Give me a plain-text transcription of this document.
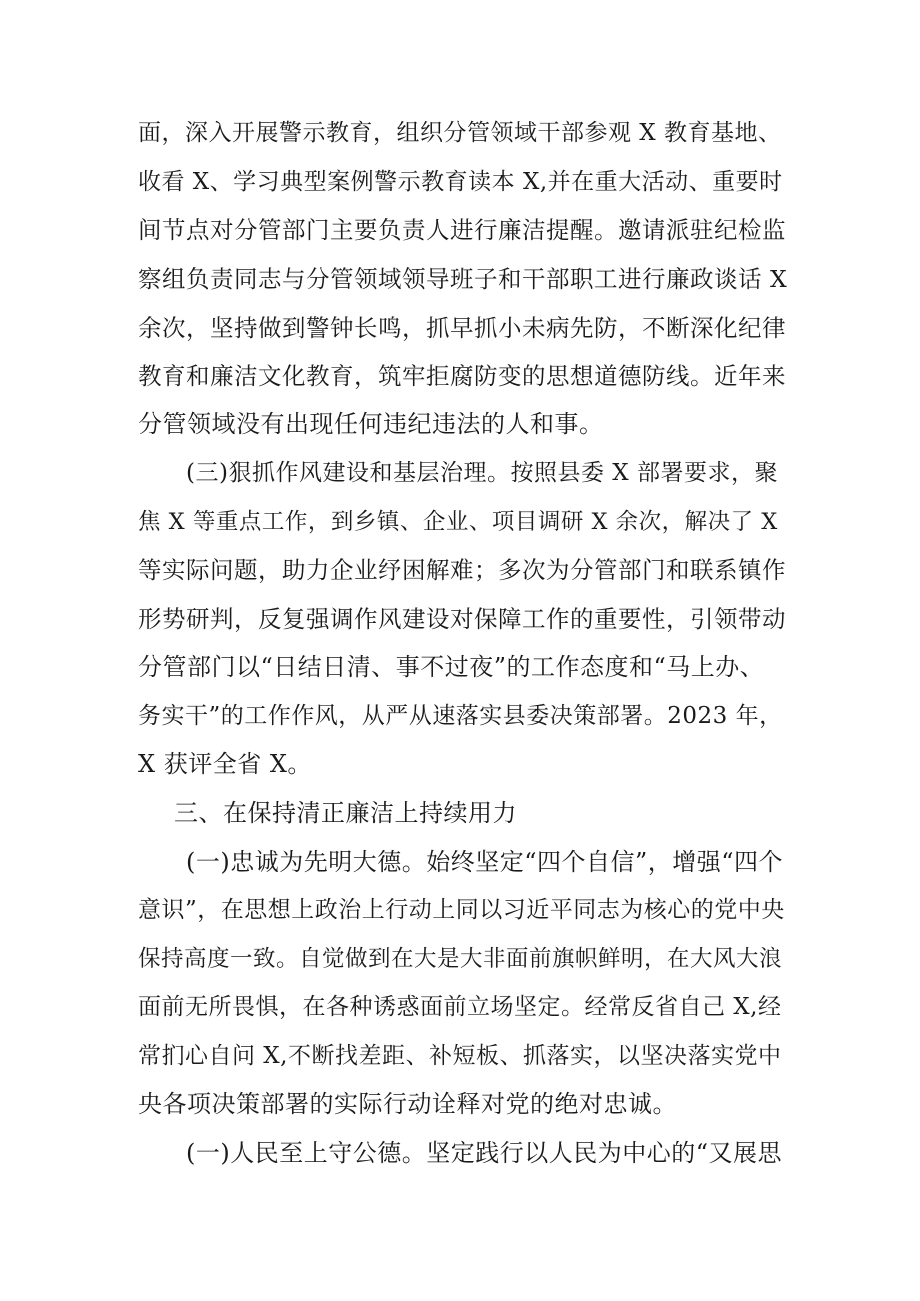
面，深入开展警示教育，组织分管领域干部参观 X 教育基地、
收看 X、学习典型案例警示教育读本 X,并在重大活动、重要时
间节点对分管部门主要负责人进行廉洁提醒。邀请派驻纪检监
察组负责同志与分管领域领导班子和干部职工进行廉政谈话 X
余次，坚持做到警钟长鸣，抓早抓小未病先防，不断深化纪律
教育和廉洁文化教育，筑牢拒腐防变的思想道德防线。近年来
分管领域没有出现任何违纪违法的人和事。
(三)狠抓作风建设和基层治理。按照县委 X 部署要求，聚
焦 X 等重点工作，到乡镇、企业、项目调研 X 余次，解决了 X
等实际问题，助力企业纾困解难；多次为分管部门和联系镇作
形势研判，反复强调作风建设对保障工作的重要性，引领带动
分管部门以“日结日清、事不过夜”的工作态度和“马上办、
务实干”的工作作风，从严从速落实县委决策部署。2023 年，
X 获评全省 X。
三、在保持清正廉洁上持续用力
(一)忠诚为先明大德。始终坚定“四个自信”，增强“四个
意识”，在思想上政治上行动上同以习近平同志为核心的党中央
保持高度一致。自觉做到在大是大非面前旗帜鲜明，在大风大浪
面前无所畏惧，在各种诱惑面前立场坚定。经常反省自己 X,经
常扪心自问 X,不断找差距、补短板、抓落实，以坚决落实党中
央各项决策部署的实际行动诠释对党的绝对忠诚。
(一)人民至上守公德。坚定践行以人民为中心的“又展思
